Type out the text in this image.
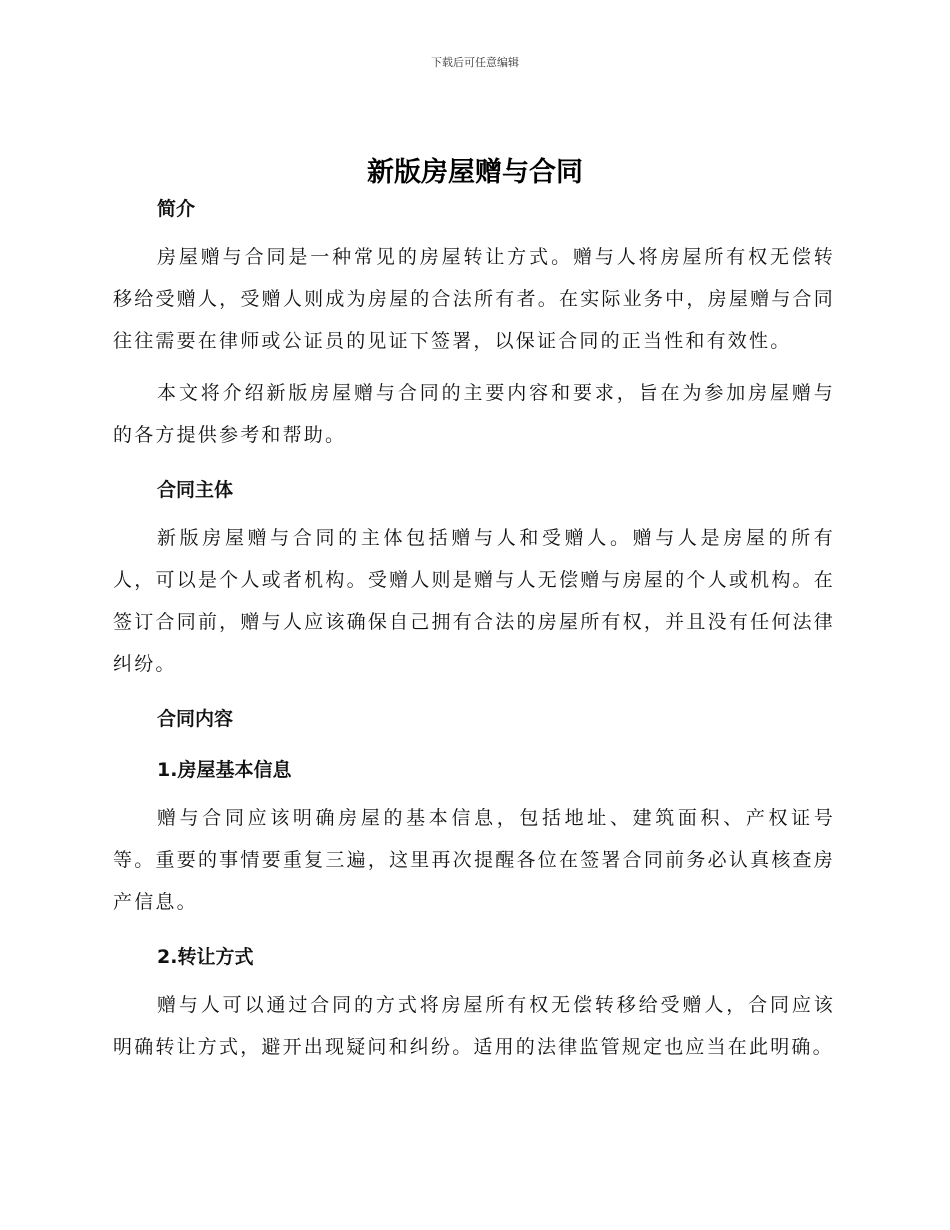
下载后可任意编辑
新版房屋赠与合同
简介

房屋赠与合同是一种常见的房屋转让方式。赠与人将房屋所有权无偿转移给受赠人，受赠人则成为房屋的合法所有者。在实际业务中，房屋赠与合同往往需要在律师或公证员的见证下签署，以保证合同的正当性和有效性。

本文将介绍新版房屋赠与合同的主要内容和要求，旨在为参加房屋赠与的各方提供参考和帮助。

合同主体

新版房屋赠与合同的主体包括赠与人和受赠人。赠与人是房屋的所有人，可以是个人或者机构。受赠人则是赠与人无偿赠与房屋的个人或机构。在签订合同前，赠与人应该确保自己拥有合法的房屋所有权，并且没有任何法律纠纷。

合同内容
1.房屋基本信息

赠与合同应该明确房屋的基本信息，包括地址、建筑面积、产权证号等。重要的事情要重复三遍，这里再次提醒各位在签署合同前务必认真核查房产信息。

2.转让方式

赠与人可以通过合同的方式将房屋所有权无偿转移给受赠人，合同应该明确转让方式，避开出现疑问和纠纷。适用的法律监管规定也应当在此明确。
